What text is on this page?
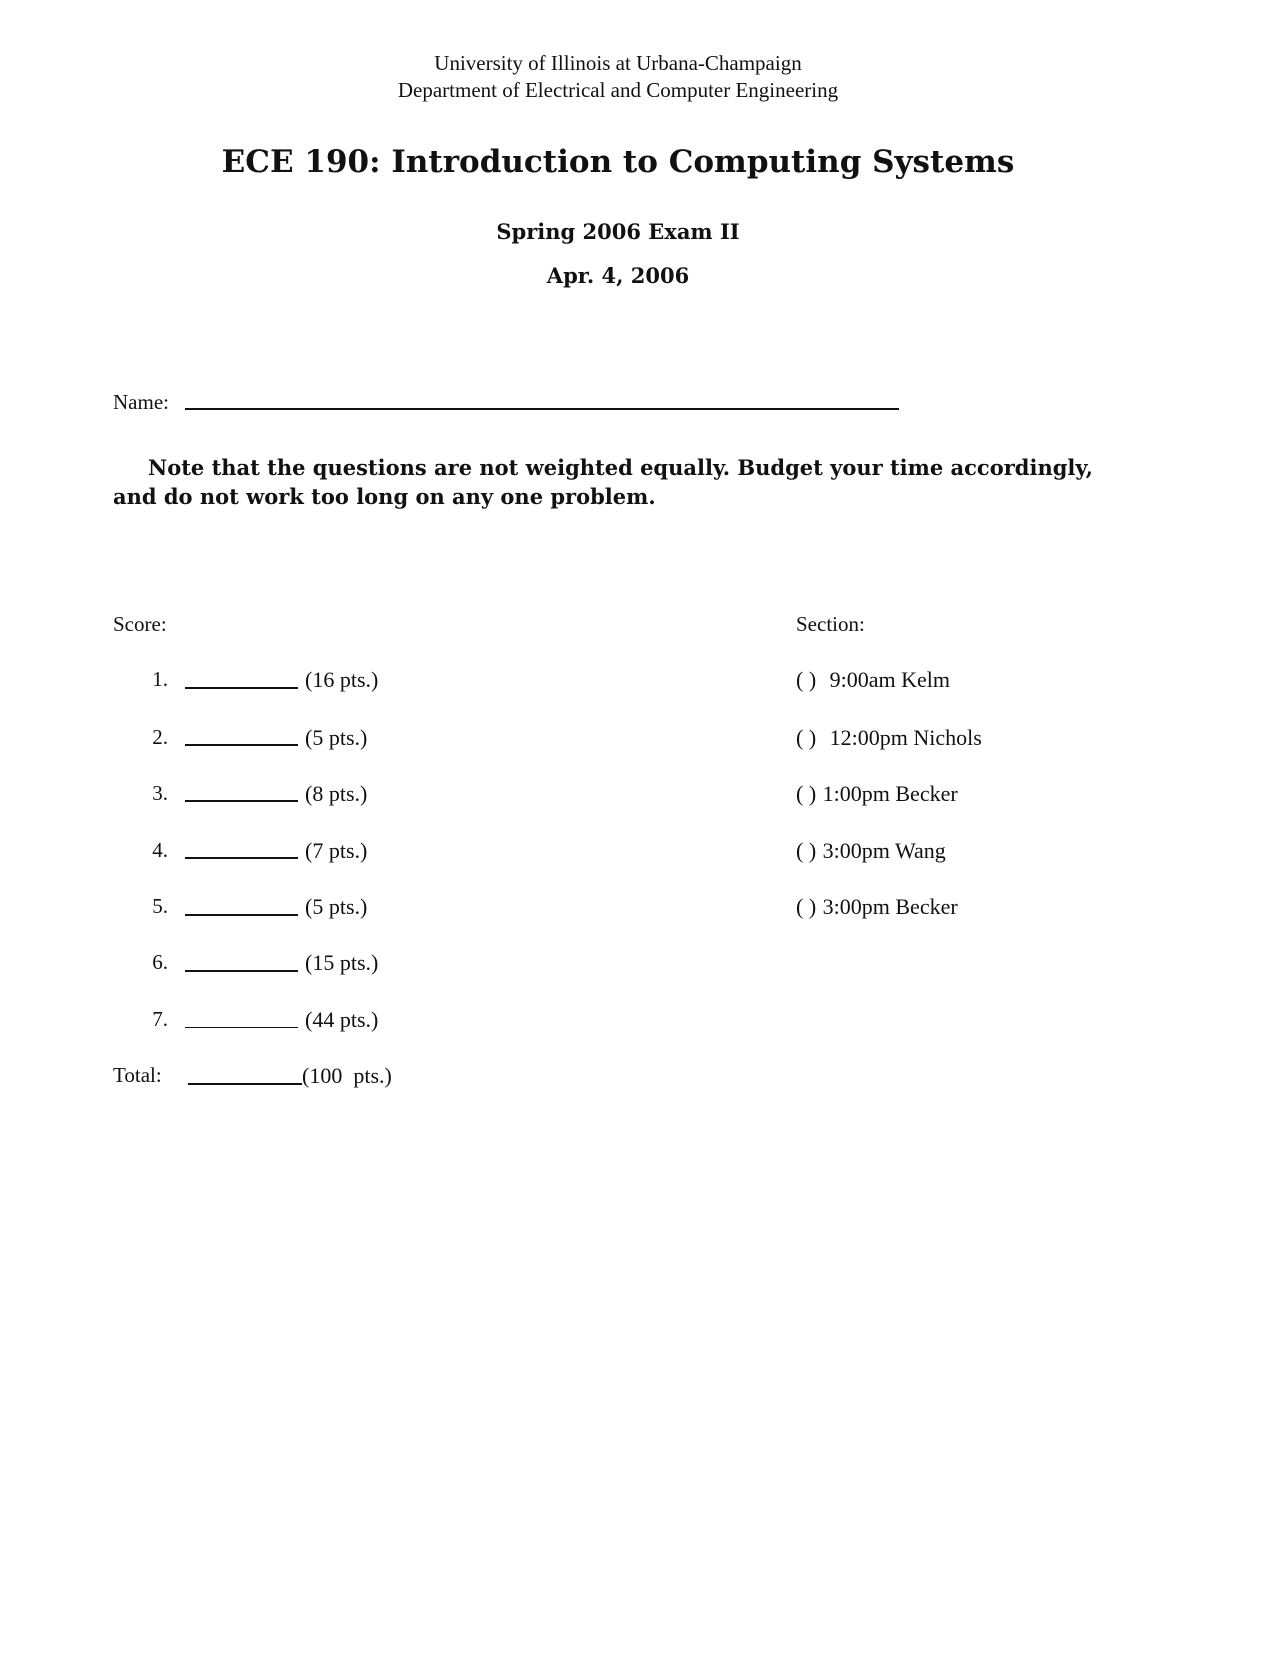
University of Illinois at Urbana-Champaign
Department of Electrical and Computer Engineering
ECE 190: Introduction to Computing Systems
Spring 2006 Exam II
Apr. 4, 2006
Name:
Note that the questions are not weighted equally. Budget your time accordingly, and do not work too long on any one problem.
Score:
1.	(16 pts.)
2.	(5 pts.)
3.	(8 pts.)
4.	(7 pts.)
5.	(5 pts.)
6.	(15 pts.)
7.	(44 pts.)
Total:	(100  pts.)
Section:
( ) 9:00am Kelm
( ) 12:00pm Nichols
( ) 1:00pm Becker
( ) 3:00pm Wang
( ) 3:00pm Becker
